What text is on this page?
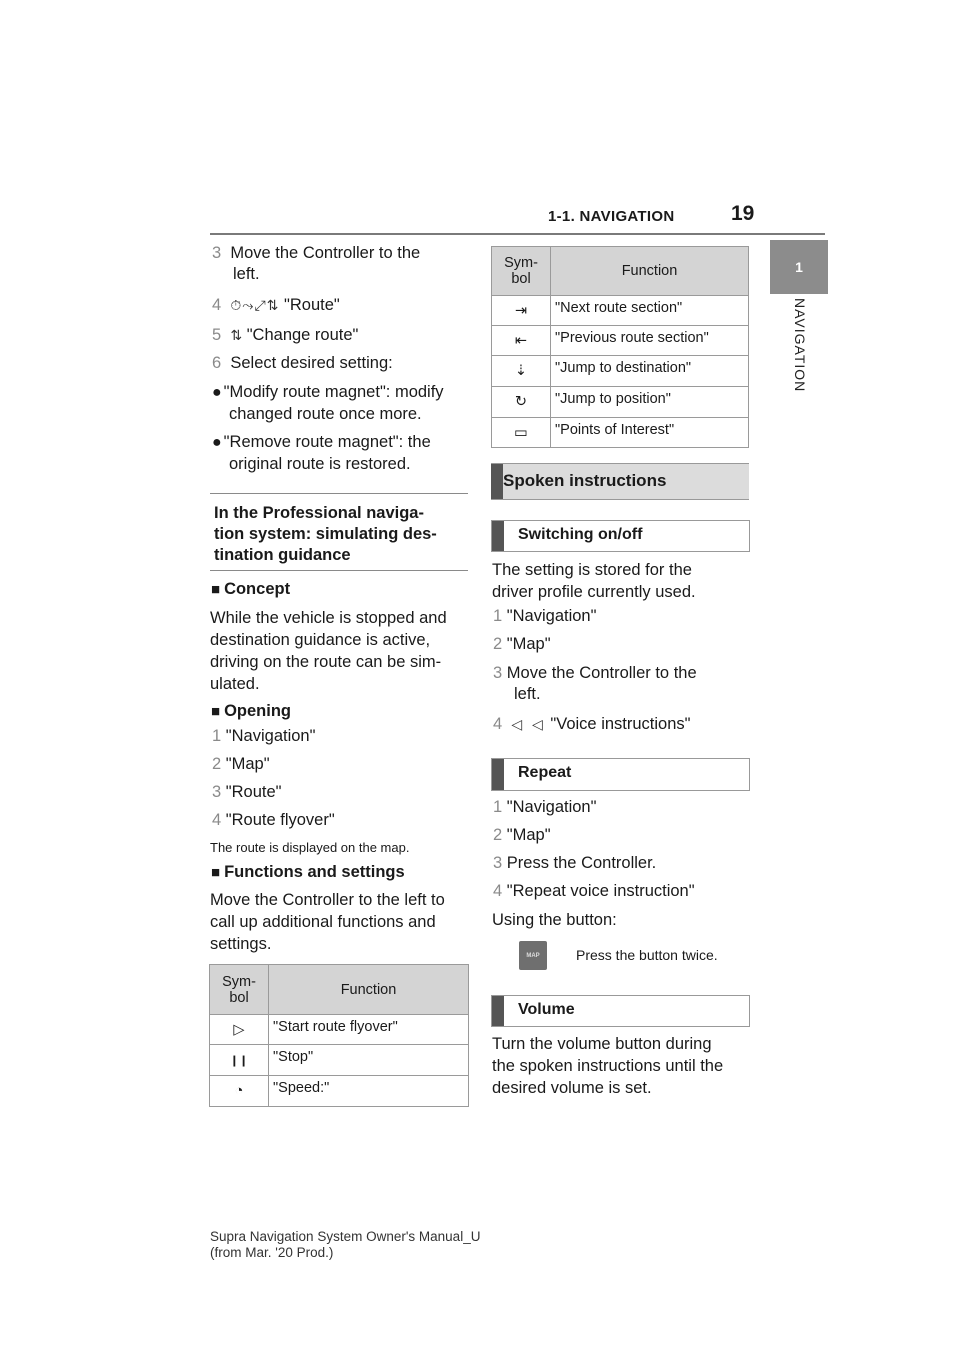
1-1. NAVIGATION	19
1
NAVIGATION
3 Move the Controller to the
left.
4 ⏱⤳⤢⇅ "Route"
5 ⇅ "Change route"
6 Select desired setting:
● "Modify route magnet": modify
changed route once more.
● "Remove route magnet": the
original route is restored.
In the Professional naviga-
tion system: simulating des-
tination guidance
■ Concept
While the vehicle is stopped and
destination guidance is active,
driving on the route can be sim-
ulated.
■ Opening
1 "Navigation"
2 "Map"
3 "Route"
4 "Route flyover"
The route is displayed on the map.
■ Functions and settings
Move the Controller to the left to
call up additional functions and
settings.
Sym-
bol	Function
▷	"Start route flyover"
❙❙	"Stop"
◔	"Speed:"
Sym-
bol	Function
⇥	"Next route section"
⇤	"Previous route section"
⇣	"Jump to destination"
↻	"Jump to position"
▭	"Points of Interest"
Spoken instructions
Switching on/off
The setting is stored for the
driver profile currently used.
1 "Navigation"
2 "Map"
3 Move the Controller to the
left.
4 ◁ ◁ "Voice instructions"
Repeat
1 "Navigation"
2 "Map"
3 Press the Controller.
4 "Repeat voice instruction"
Using the button:
MAP	Press the button twice.
Volume
Turn the volume button during
the spoken instructions until the
desired volume is set.
Supra Navigation System Owner's Manual_U
(from Mar. '20 Prod.)
